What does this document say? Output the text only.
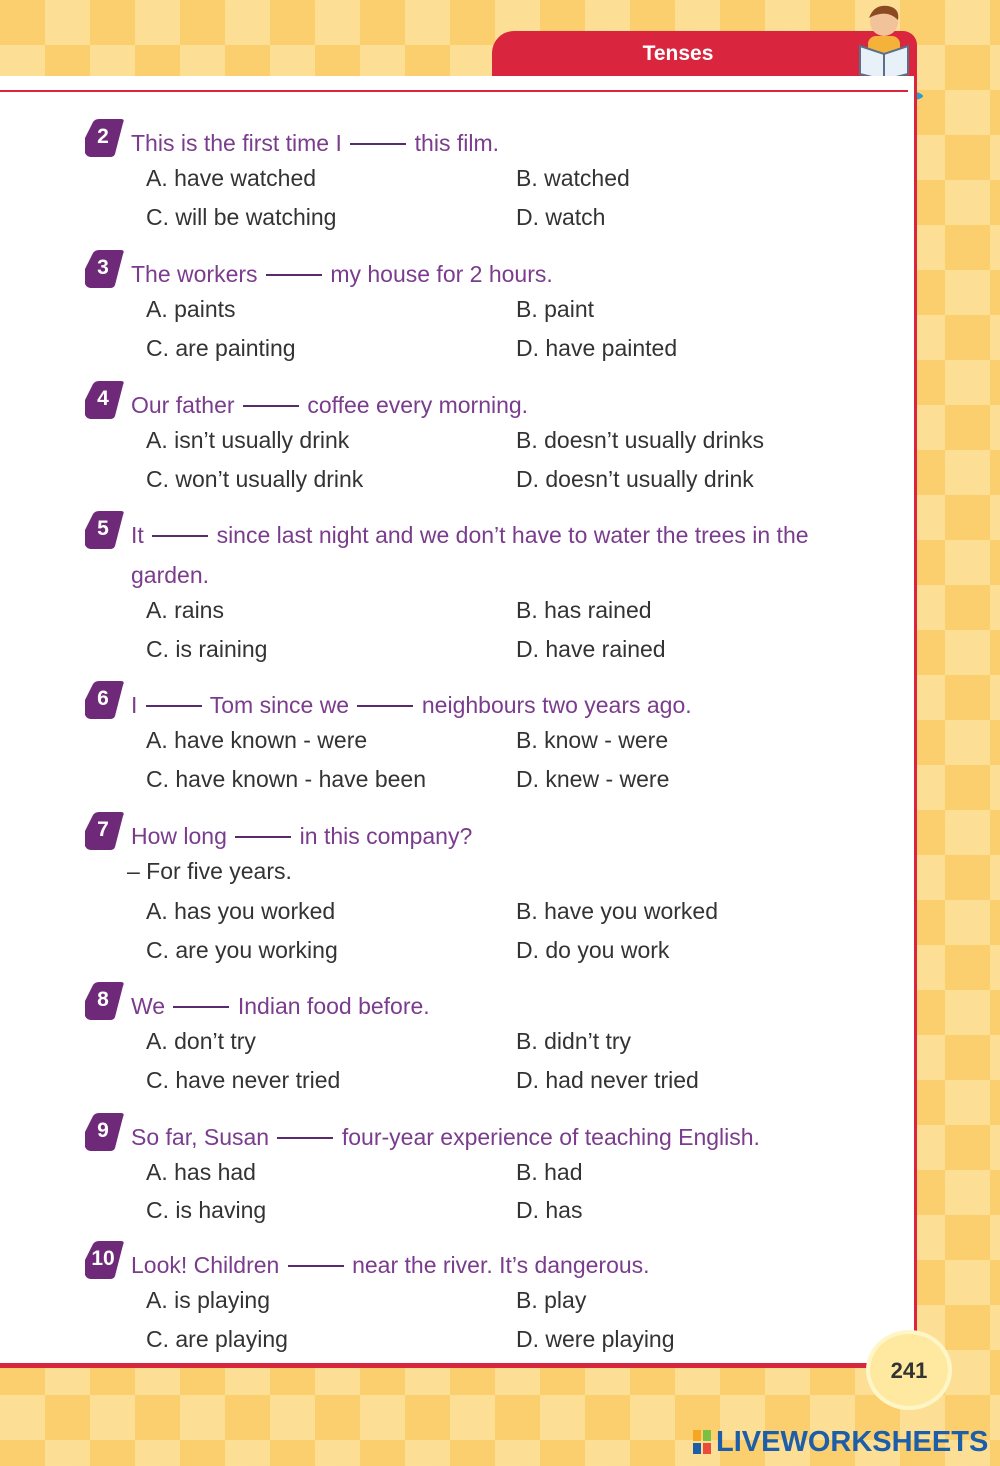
Tenses
2 This is the first time I	this film.
A. have watched	B. watched
C. will be watching	D. watch
3 The workers	my house for 2 hours.
A. paints	B. paint
C. are painting	D. have painted
4 Our father	coffee every morning.
A. isn’t usually drink	B. doesn’t usually drinks
C. won’t usually drink	D. doesn’t usually drink
5 It	since last night and we don’t have to water the trees in the garden.
A. rains	B. has rained
C. is raining	D. have rained
6 I	Tom since we	neighbours two years ago.
A. have known - were	B. know - were
C. have known - have been	D. knew - were
7 How long	in this company?
– For five years.
A. has you worked	B. have you worked
C. are you working	D. do you work
8 We	Indian food before.
A. don’t try	B. didn’t try
C. have never tried	D. had never tried
9 So far, Susan	four-year experience of teaching English.
A. has had	B. had
C. is having	D. has
10 Look! Children	near the river. It’s dangerous.
A. is playing	B. play
C. are playing	D. were playing
241
LIVEWORKSHEETS
